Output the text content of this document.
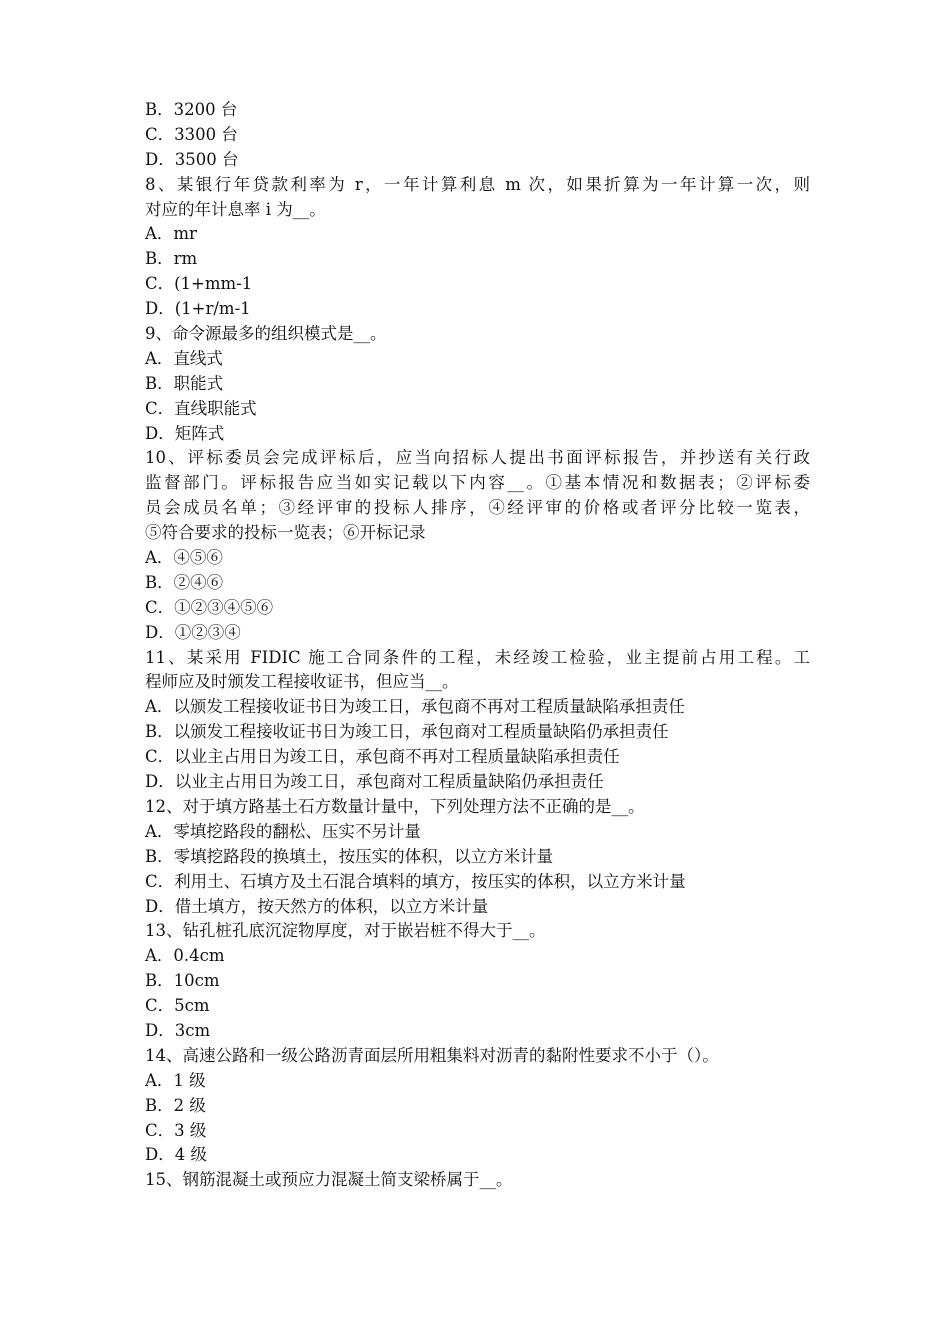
B．3200 台
C．3300 台
D．3500 台
8、某银行年贷款利率为 r，一年计算利息 m 次，如果折算为一年计算一次，则
对应的年计息率 i 为__。
A．mr
B．rm
C．(1+mm-1
D．(1+r/m-1
9、命令源最多的组织模式是__。
A．直线式
B．职能式
C．直线职能式
D．矩阵式
10、评标委员会完成评标后，应当向招标人提出书面评标报告，并抄送有关行政
监督部门。评标报告应当如实记载以下内容__。①基本情况和数据表；②评标委
员会成员名单；③经评审的投标人排序，④经评审的价格或者评分比较一览表，
⑤符合要求的投标一览表；⑥开标记录
A．④⑤⑥
B．②④⑥
C．①②③④⑤⑥
D．①②③④
11、某采用 FIDIC 施工合同条件的工程，未经竣工检验，业主提前占用工程。工
程师应及时颁发工程接收证书，但应当__。
A．以颁发工程接收证书日为竣工日，承包商不再对工程质量缺陷承担责任
B．以颁发工程接收证书日为竣工日，承包商对工程质量缺陷仍承担责任
C．以业主占用日为竣工日，承包商不再对工程质量缺陷承担责任
D．以业主占用日为竣工日，承包商对工程质量缺陷仍承担责任
12、对于填方路基土石方数量计量中，下列处理方法不正确的是__。
A．零填挖路段的翻松、压实不另计量
B．零填挖路段的换填土，按压实的体积，以立方米计量
C．利用土、石填方及土石混合填料的填方，按压实的体积，以立方米计量
D．借土填方，按天然方的体积，以立方米计量
13、钻孔桩孔底沉淀物厚度，对于嵌岩桩不得大于__。
A．0.4cm
B．10cm
C．5cm
D．3cm
14、高速公路和一级公路沥青面层所用粗集料对沥青的黏附性要求不小于（）。
A．1 级
B．2 级
C．3 级
D．4 级
15、钢筋混凝土或预应力混凝土简支梁桥属于__。
